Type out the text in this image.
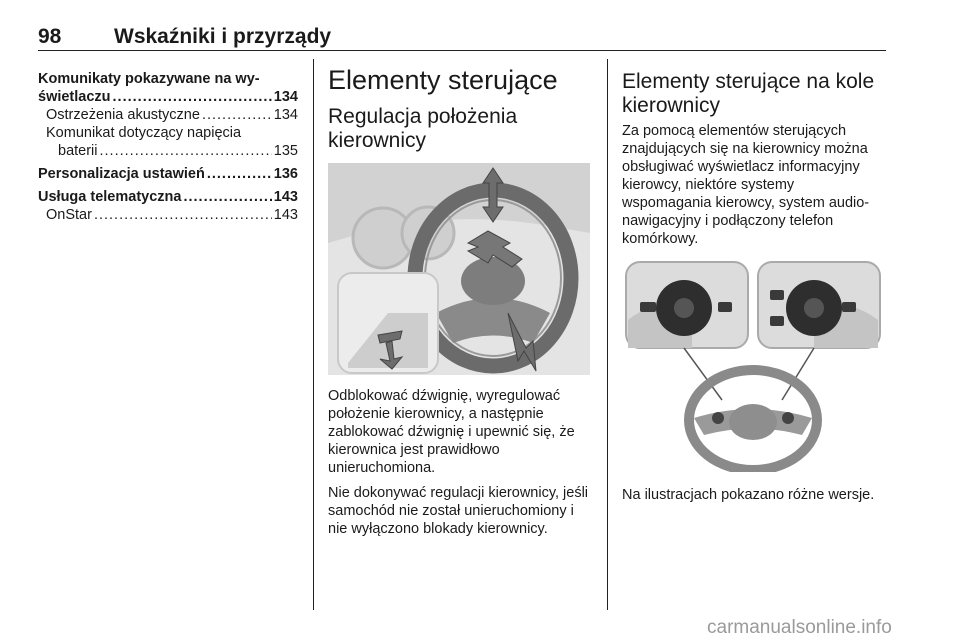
98	Wskaźniki i przyrządy
Komunikaty pokazywane na wy-
świetlaczu .....	134
Ostrzeżenia akustyczne .....	134
Komunikat dotyczący napięcia
baterii .....	135
Personalizacja ustawień .....	136
Usługa telematyczna .....	143
OnStar .....	143
Elementy sterujące
Regulacja położenia kierownicy

Odblokować dźwignię, wyregulować położenie kierownicy, a następnie zablokować dźwignię i upewnić się, że kierownica jest prawidłowo unieruchomiona.

Nie dokonywać regulacji kierownicy, jeśli samochód nie został unieruchomiony i nie wyłączono blokady kierownicy.

Elementy sterujące na kole kierownicy

Za pomocą elementów sterujących znajdujących się na kierownicy można obsługiwać wyświetlacz informacyjny kierowcy, niektóre systemy wspomagania kierowcy, system audio-nawigacyjny i podłączony telefon komórkowy.

Na ilustracjach pokazano różne wersje.

carmanualsonline.info
